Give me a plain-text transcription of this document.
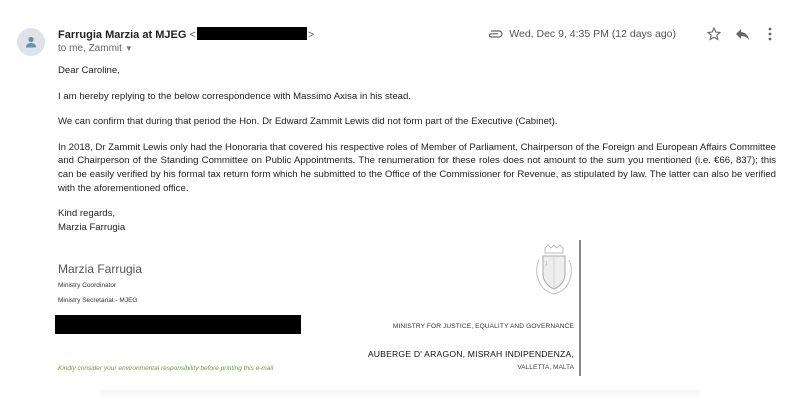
Farrugia Marzia at MJEG <	>
to me, Zammit ▼
Wed, Dec 9, 4:35 PM (12 days ago)

Dear Caroline,

I am hereby replying to the below correspondence with Massimo Axisa in his stead.

We can confirm that during that period the Hon. Dr Edward Zammit Lewis did not form part of the Executive (Cabinet).

In 2018, Dr Zammit Lewis only had the Honoraria that covered his respective roles of Member of Parliament, Chairperson of the Foreign and European Affairs Committee and Chairperson of the Standing Committee on Public Appointments. The renumeration for these roles does not amount to the sum you mentioned (i.e. €66, 837); this can be easily verified by his formal tax return form which he submitted to the Office of the Commissioner for Revenue, as stipulated by law. The latter can also be verified with the aforementioned office.

Kind regards,

Marzia Farrugia

Marzia Farrugia
Ministry Coordinator
Ministry Secretariat - MJEG
Kindly consider your environmental responsibility before printing this e-mail
MINISTRY FOR JUSTICE, EQUALITY AND GOVERNANCE
AUBERGE D' ARAGON, MISRAH INDIPENDENZA,
VALLETTA, MALTA
